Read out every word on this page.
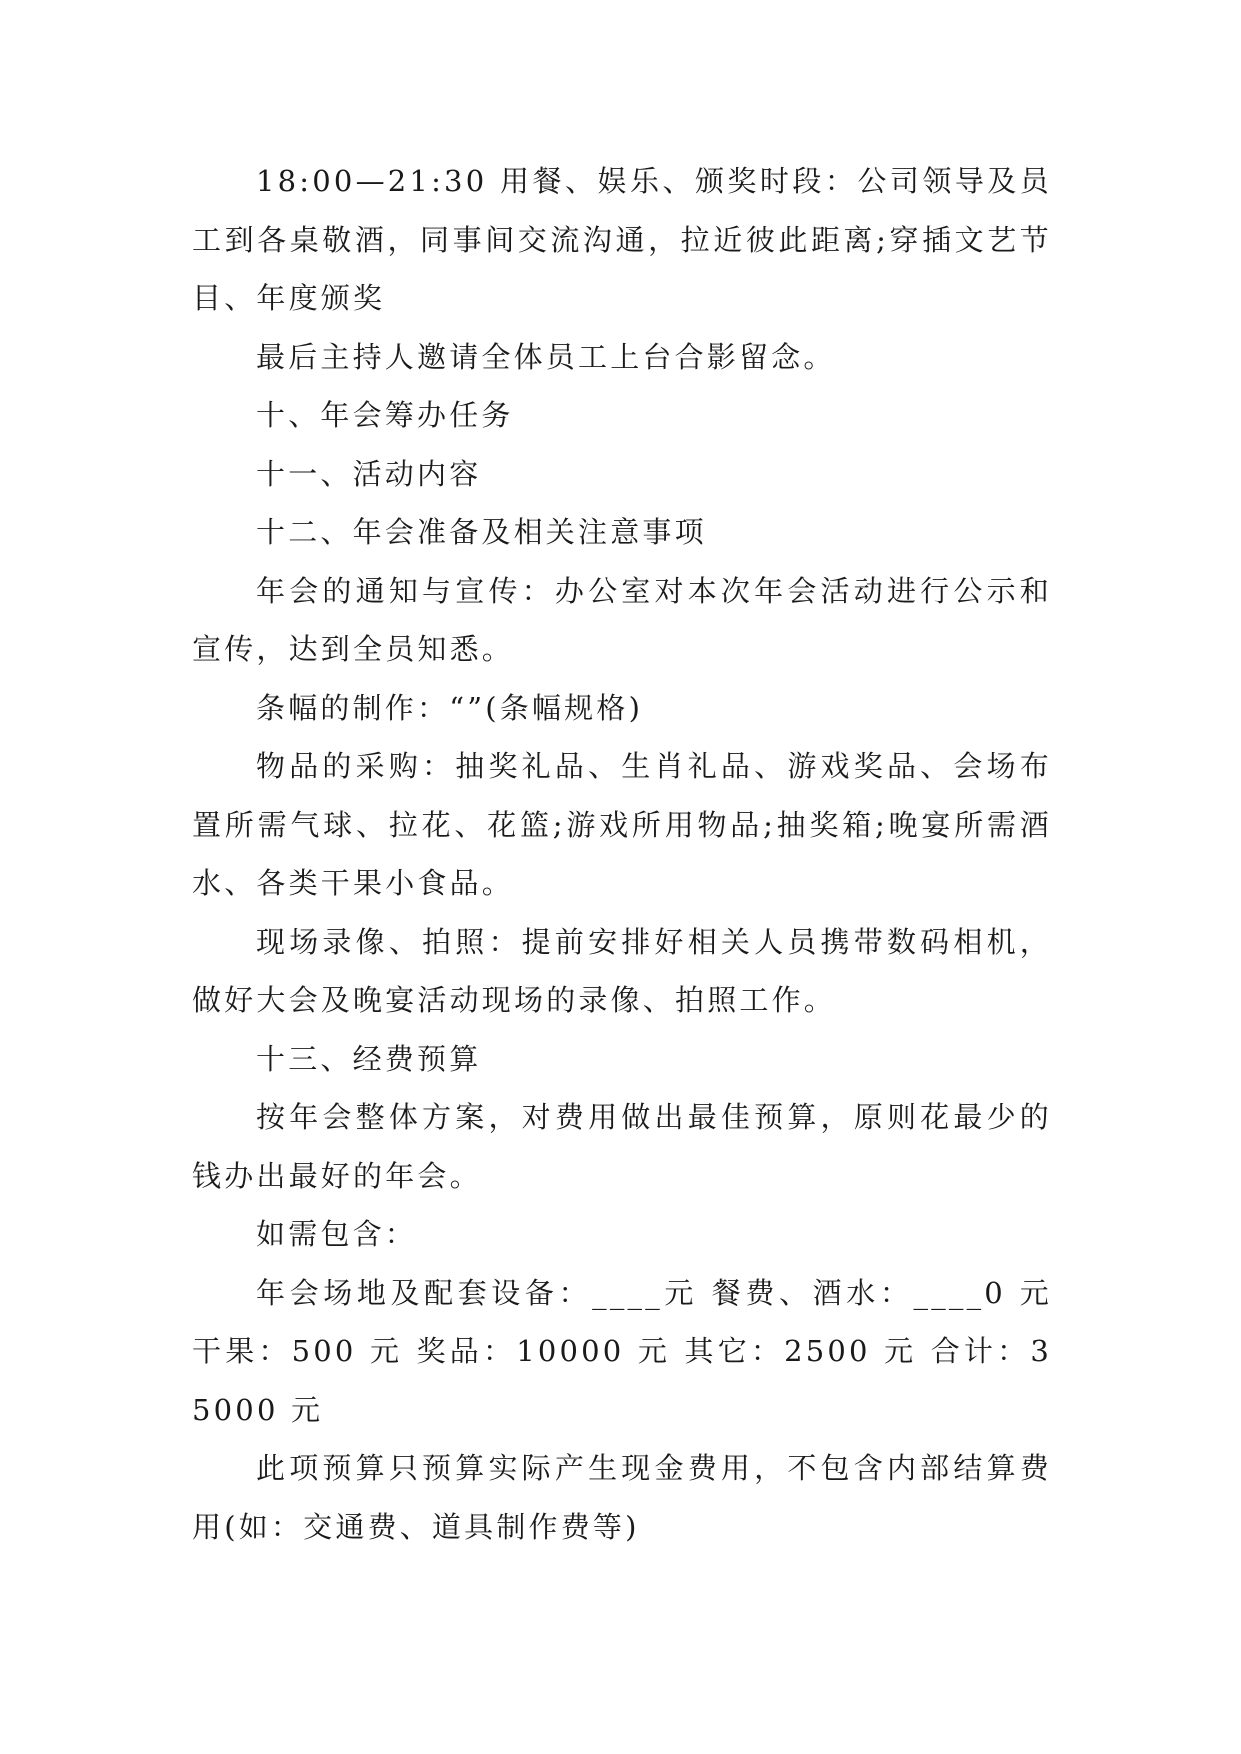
18:00—21:30 用餐、娱乐、颁奖时段：公司领导及员工到各桌敬酒，同事间交流沟通，拉近彼此距离;穿插文艺节目、年度颁奖

最后主持人邀请全体员工上台合影留念。

十、年会筹办任务

十一、活动内容

十二、年会准备及相关注意事项

年会的通知与宣传：办公室对本次年会活动进行公示和宣传，达到全员知悉。

条幅的制作：“”(条幅规格)

物品的采购：抽奖礼品、生肖礼品、游戏奖品、会场布置所需气球、拉花、花篮;游戏所用物品;抽奖箱;晚宴所需酒水、各类干果小食品。

现场录像、拍照：提前安排好相关人员携带数码相机，做好大会及晚宴活动现场的录像、拍照工作。

十三、经费预算

按年会整体方案，对费用做出最佳预算，原则花最少的钱办出最好的年会。

如需包含：

年会场地及配套设备：____元 餐费、酒水：____0 元 干果：500 元 奖品：10000 元 其它：2500 元 合计：35000 元

此项预算只预算实际产生现金费用，不包含内部结算费用(如：交通费、道具制作费等)
